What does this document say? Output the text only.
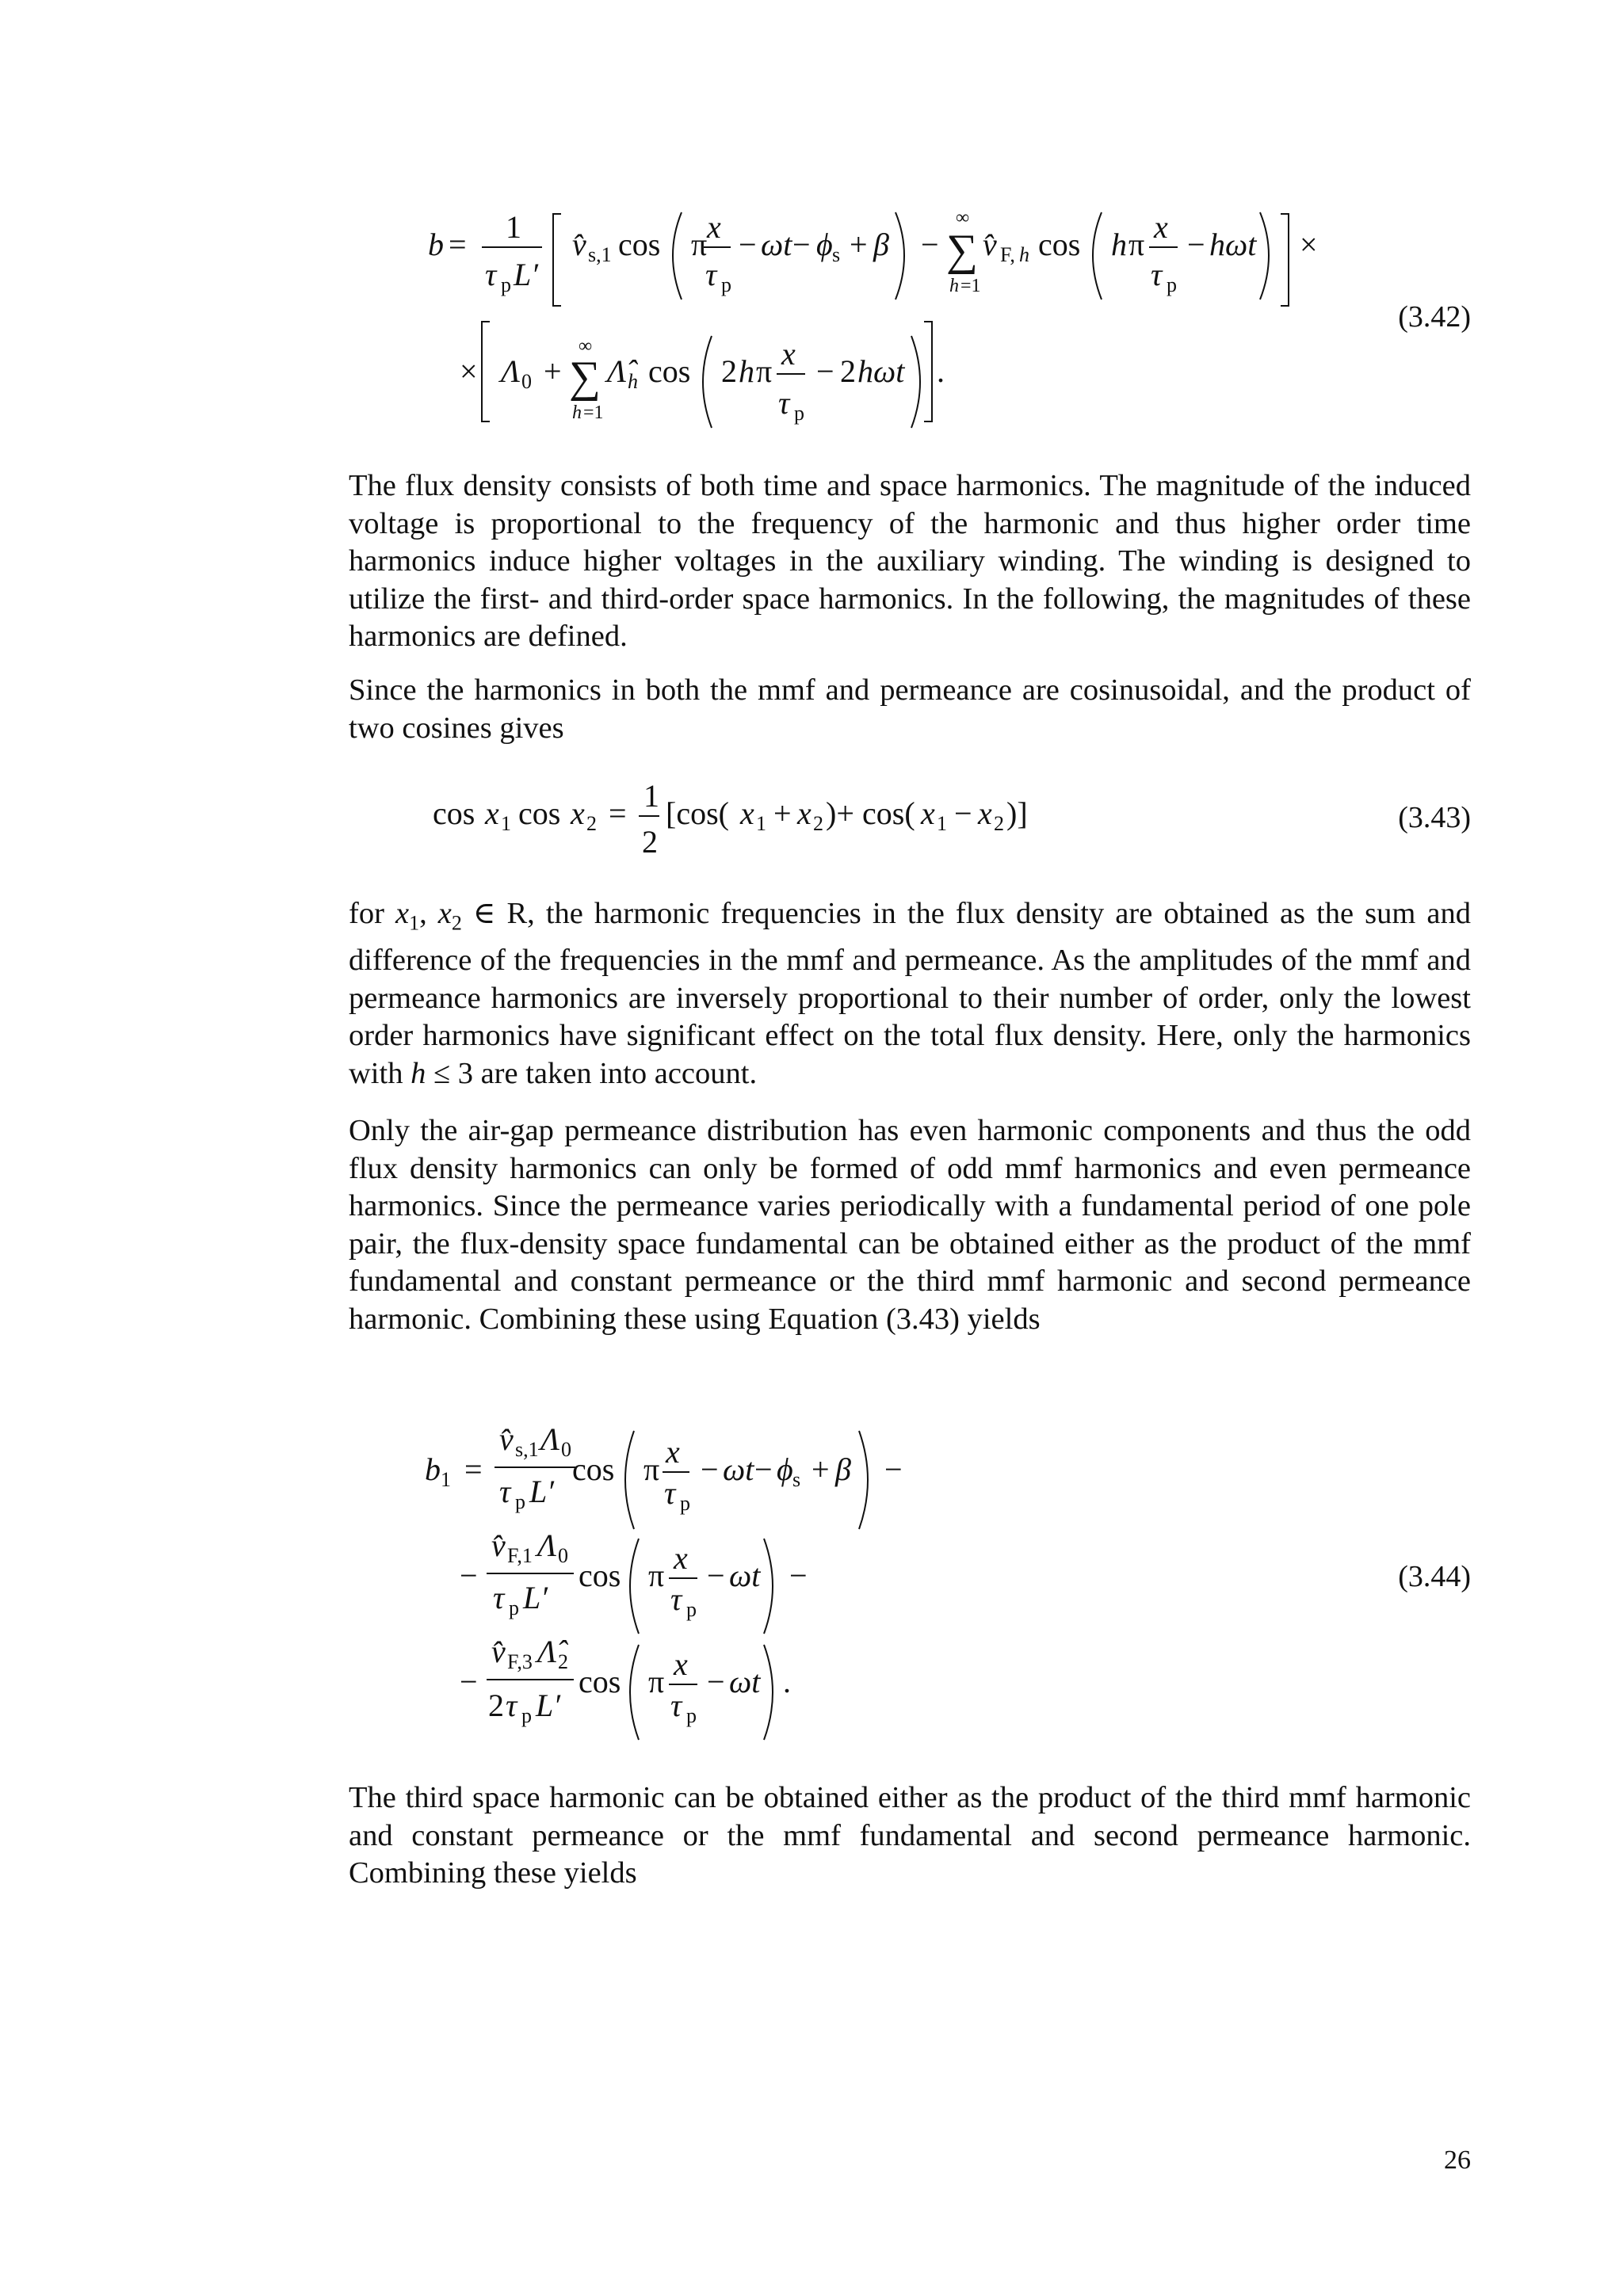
b = 1
τ p L′
v̂ s,1 cos π x
τ p
− ωt − ϕ s + β −
∞
∑
h =1
v̂ F, h cos h π x
τ p
− hωt ×
× Λ 0 +
∞
∑
h =1
Λ̂ h cos 2 h π x
τ p
− 2 hωt .
(3.42)

The flux density consists of both time and space harmonics. The magnitude of the induced voltage is proportional to the frequency of the harmonic and thus higher order time harmonics induce higher voltages in the auxiliary winding. The winding is designed to utilize the first- and third-order space harmonics. In the following, the magnitudes of these harmonics are defined.

Since the harmonics in both the mmf and permeance are cosinusoidal, and the product of two cosines gives

cos x 1 cos x 2 = 1
2
[cos( x 1 + x 2 )+ cos( x 1 − x 2 )]	(3.43)

for $x_1$, $x_2$ ∈ R, the harmonic frequencies in the flux density are obtained as the sum and difference of the frequencies in the mmf and permeance. As the amplitudes of the mmf and permeance harmonics are inversely proportional to their number of order, only the lowest order harmonics have significant effect on the total flux density. Here, only the harmonics with h ≤ 3 are taken into account.

Only the air-gap permeance distribution has even harmonic components and thus the odd flux density harmonics can only be formed of odd mmf harmonics and even permeance harmonics. Since the permeance varies periodically with a fundamental period of one pole pair, the flux-density space fundamental can be obtained either as the product of the mmf fundamental and constant permeance or the third mmf harmonic and second permeance harmonic. Combining these using Equation (3.43) yields

b 1 =
v̂ s,1 Λ 0
τ p L′
cos π x
τ p
− ωt − ϕ s + β −
−
v̂ F,1 Λ 0
τ p L′
cos π x
τ p
− ωt −
−
v̂ F,3 Λ̂ 2
2 τ p L′
cos π x
τ p
− ωt .
(3.44)

The third space harmonic can be obtained either as the product of the third mmf harmonic and constant permeance or the mmf fundamental and second permeance harmonic. Combining these yields

26
